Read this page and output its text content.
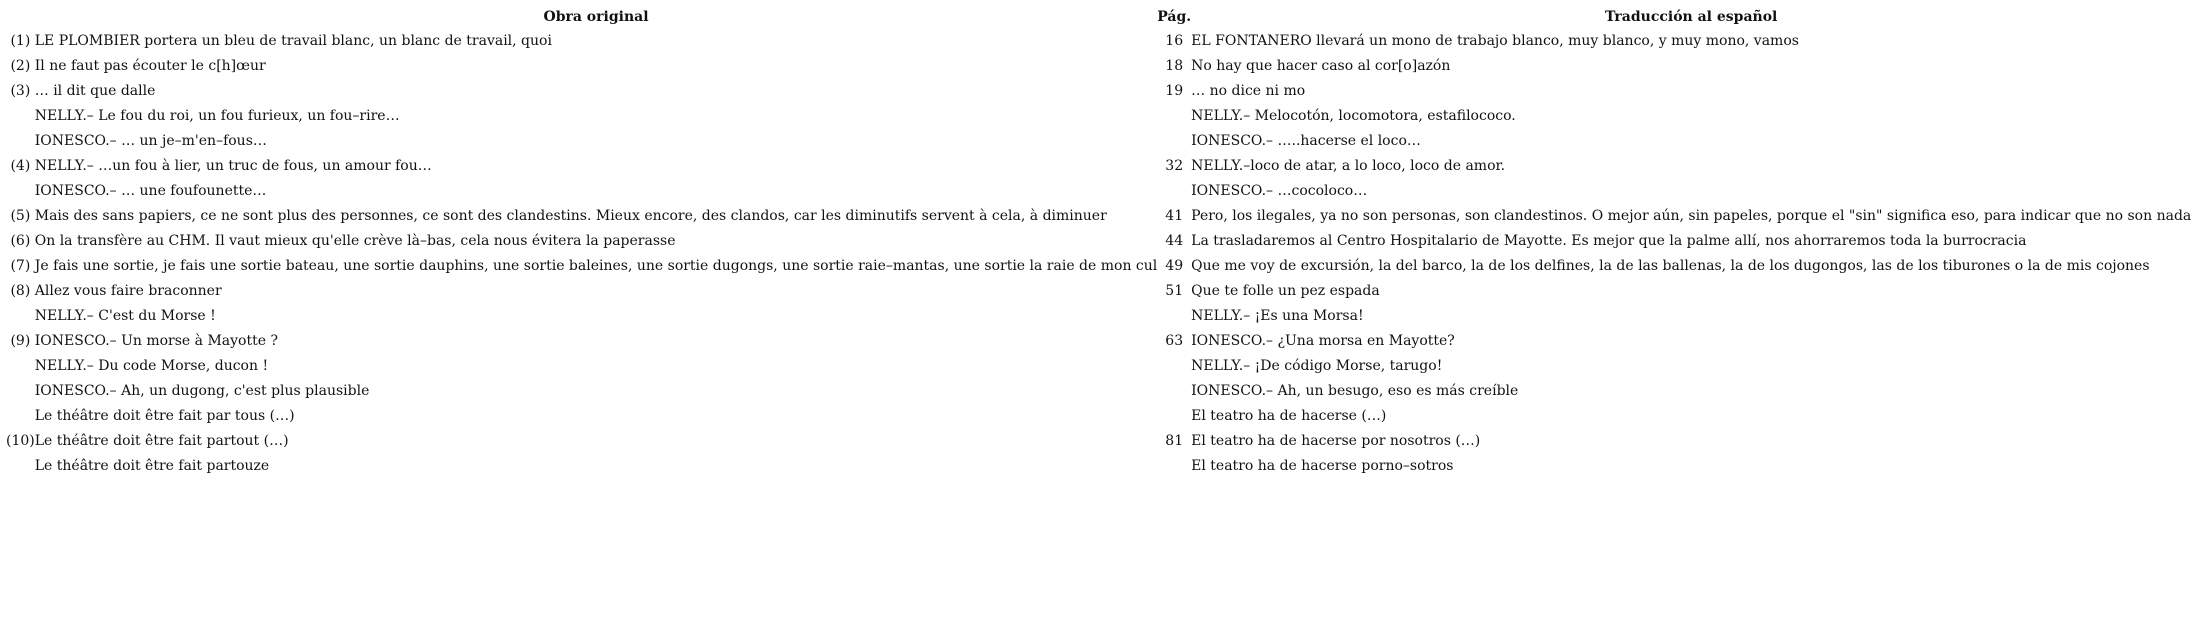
	Obra original	Pág.	Traducción al español
(1)	LE PLOMBIER portera un bleu de travail blanc, un blanc de travail, quoi	16	EL FONTANERO llevará un mono de trabajo blanco, muy blanco, y muy mono, vamos
(2)	Il ne faut pas écouter le c[h]œur	18	No hay que hacer caso al cor[o]azón
(3)	… il dit que dalle	19	… no dice ni mo
	NELLY.– Le fou du roi, un fou furieux, un fou–rire…		NELLY.– Melocotón, locomotora, estafilococo.
	IONESCO.– … un je–m'en–fous…		IONESCO.– …..hacerse el loco…
(4)	NELLY.– …un fou à lier, un truc de fous, un amour fou…	32	NELLY.–loco de atar, a lo loco, loco de amor.
	IONESCO.– … une foufounette…		IONESCO.– …cocoloco…
(5)	Mais des sans papiers, ce ne sont plus des personnes, ce sont des clandestins. Mieux encore, des clandos, car les diminutifs servent à cela, à diminuer	41	Pero, los ilegales, ya no son personas, son clandestinos. O mejor aún, sin papeles, porque el "sin" significa eso, para indicar que no son nada
(6)	On la transfère au CHM. Il vaut mieux qu'elle crève là–bas, cela nous évitera la paperasse	44	La trasladaremos al Centro Hospitalario de Mayotte. Es mejor que la palme allí, nos ahorraremos toda la burrocracia
(7)	Je fais une sortie, je fais une sortie bateau, une sortie dauphins, une sortie baleines, une sortie dugongs, une sortie raie–mantas, une sortie la raie de mon cul	49	Que me voy de excursión, la del barco, la de los delfines, la de las ballenas, la de los dugongos, las de los tiburones o la de mis cojones
(8)	Allez vous faire braconner	51	Que te folle un pez espada
	NELLY.– C'est du Morse !		NELLY.– ¡Es una Morsa!
(9)	IONESCO.– Un morse à Mayotte ?	63	IONESCO.– ¿Una morsa en Mayotte?
	NELLY.– Du code Morse, ducon !		NELLY.– ¡De código Morse, tarugo!
	IONESCO.– Ah, un dugong, c'est plus plausible		IONESCO.– Ah, un besugo, eso es más creíble
	Le théâtre doit être fait par tous (…)		El teatro ha de hacerse (…)
(10)	Le théâtre doit être fait partout (…)	81	El teatro ha de hacerse por nosotros (…)
	Le théâtre doit être fait partouze		El teatro ha de hacerse porno–sotros
